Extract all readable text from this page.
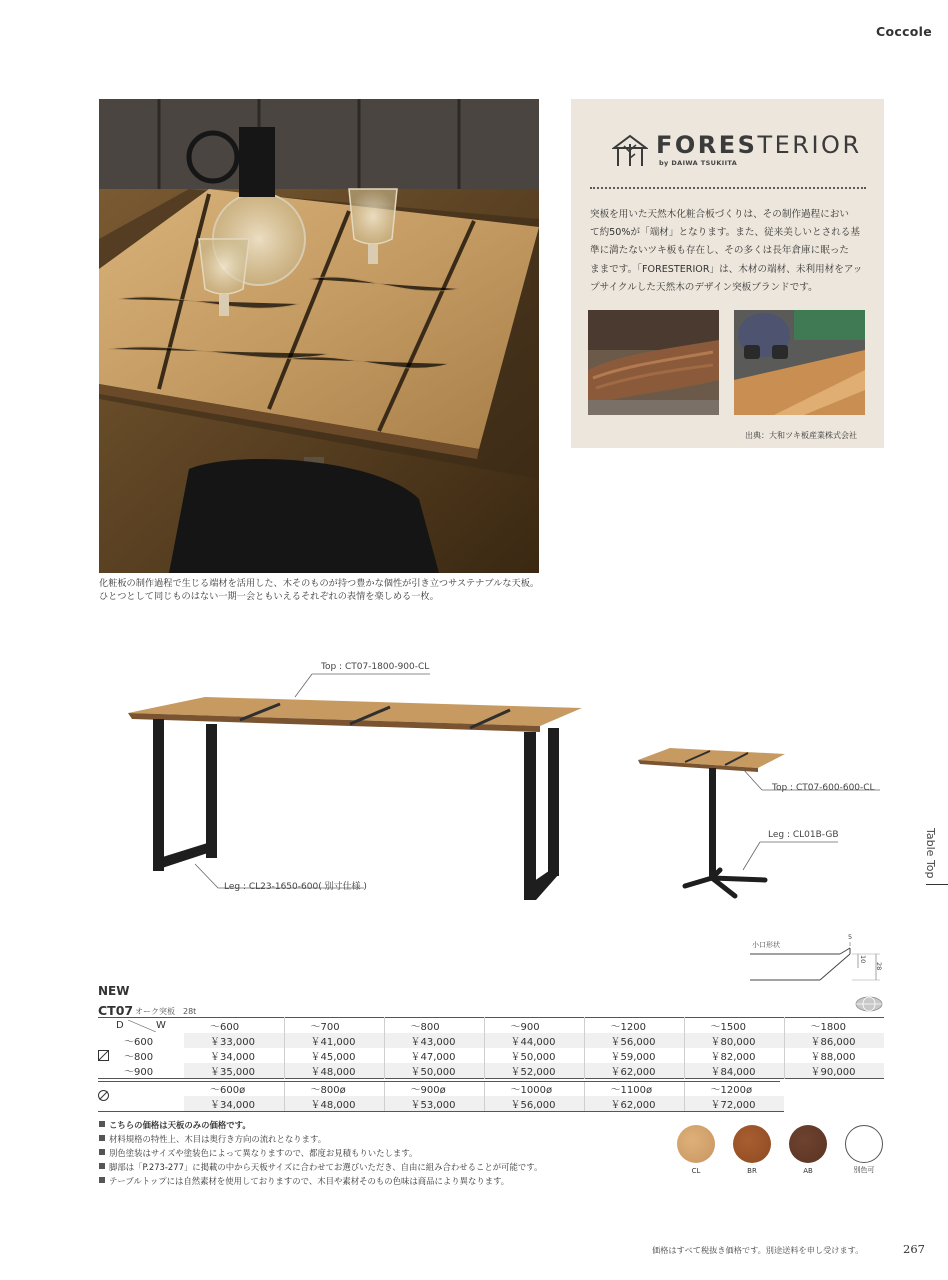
Coccole
化粧板の制作過程で生じる端材を活用した、木そのものが持つ豊かな個性が引き立つサステナブルな天板。
ひとつとして同じものはない一期一会ともいえるそれぞれの表情を楽しめる一枚。
FORESTERIOR
by DAIWA TSUKIITA
突板を用いた天然木化粧合板づくりは、その制作過程におい
て約50%が「端材」となります。また、従来美しいとされる基
準に満たないツキ板も存在し、その多くは長年倉庫に眠った
ままです。「FORESTERIOR」は、木材の端材、未利用材をアッ
プサイクルした天然木のデザイン突板ブランドです。
出典：大和ツキ板産業株式会社
Top : CT07-1800-900-CL
Leg : CL23-1650-600( 別寸仕様 )
Top : CT07-600-600-CL
Leg : CL01B-GB	Table Top
小口形状
5
10
28
NEW
CT07 オーク突板　28t
D W	～600	～700	～800	～900	～1200	～1500	～1800
～600	￥33,000	￥41,000	￥43,000	￥44,000	￥56,000	￥80,000	￥86,000

～800	￥34,000	￥45,000	￥47,000	￥50,000	￥59,000	￥82,000	￥88,000
～900	￥35,000	￥48,000	￥50,000	￥52,000	￥62,000	￥84,000	￥90,000
	～600ø	～800ø	～900ø	～1000ø	～1100ø	～1200ø	
	￥34,000	￥48,000	￥53,000	￥56,000	￥62,000	￥72,000	
こちらの価格は天板のみの価格です。
材料規格の特性上、木目は奥行き方向の流れとなります。
別色塗装はサイズや塗装色によって異なりますので、都度お見積もりいたします。
脚部は「P.273-277」に掲載の中から天板サイズに合わせてお選びいただき、自由に組み合わせることが可能です。
テーブルトップには自然素材を使用しておりますので、木目や素材そのもの色味は商品により異なります。
CL	BR	AB	別色可
価格はすべて税抜き価格です。別途送料を申し受けます。	267
